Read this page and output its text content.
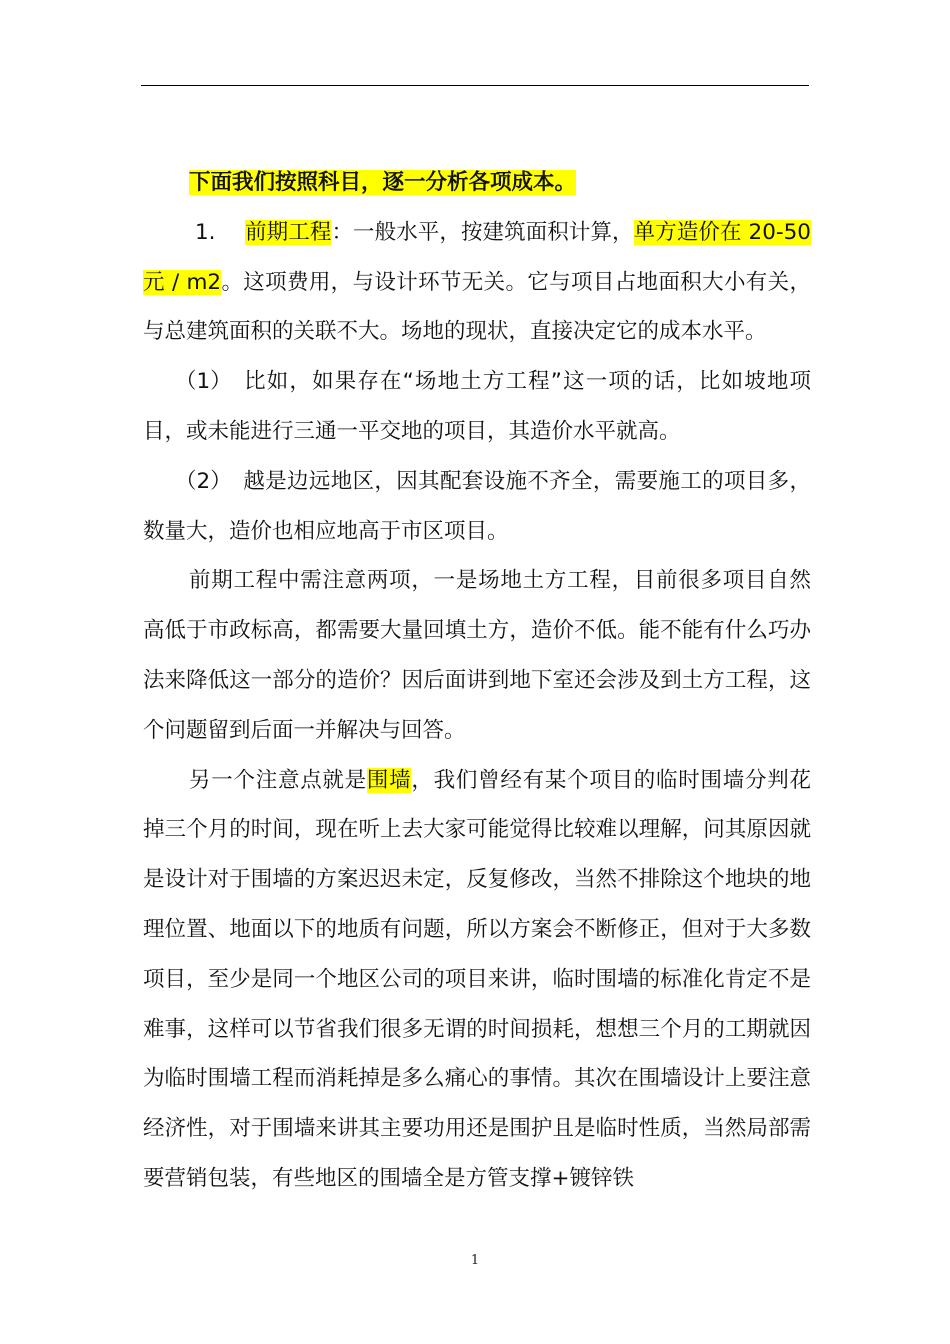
下面我们按照科目，逐一分析各项成本。

1. 前期工程：一般水平，按建筑面积计算，单方造价在 20-50 元 / m2。这项费用，与设计环节无关。它与项目占地面积大小有关，与总建筑面积的关联不大。场地的现状，直接决定它的成本水平。

（1） 比如，如果存在“场地土方工程”这一项的话，比如坡地项目，或未能进行三通一平交地的项目，其造价水平就高。

（2） 越是边远地区，因其配套设施不齐全，需要施工的项目多，数量大，造价也相应地高于市区项目。

前期工程中需注意两项，一是场地土方工程，目前很多项目自然高低于市政标高，都需要大量回填土方，造价不低。能不能有什么巧办法来降低这一部分的造价？因后面讲到地下室还会涉及到土方工程，这个问题留到后面一并解决与回答。

另一个注意点就是围墙，我们曾经有某个项目的临时围墙分判花掉三个月的时间，现在听上去大家可能觉得比较难以理解，问其原因就是设计对于围墙的方案迟迟未定，反复修改，当然不排除这个地块的地理位置、地面以下的地质有问题，所以方案会不断修正，但对于大多数项目，至少是同一个地区公司的项目来讲，临时围墙的标准化肯定不是难事，这样可以节省我们很多无谓的时间损耗，想想三个月的工期就因为临时围墙工程而消耗掉是多么痛心的事情。其次在围墙设计上要注意经济性，对于围墙来讲其主要功用还是围护且是临时性质，当然局部需要营销包装，有些地区的围墙全是方管支撑+镀锌铁

1
